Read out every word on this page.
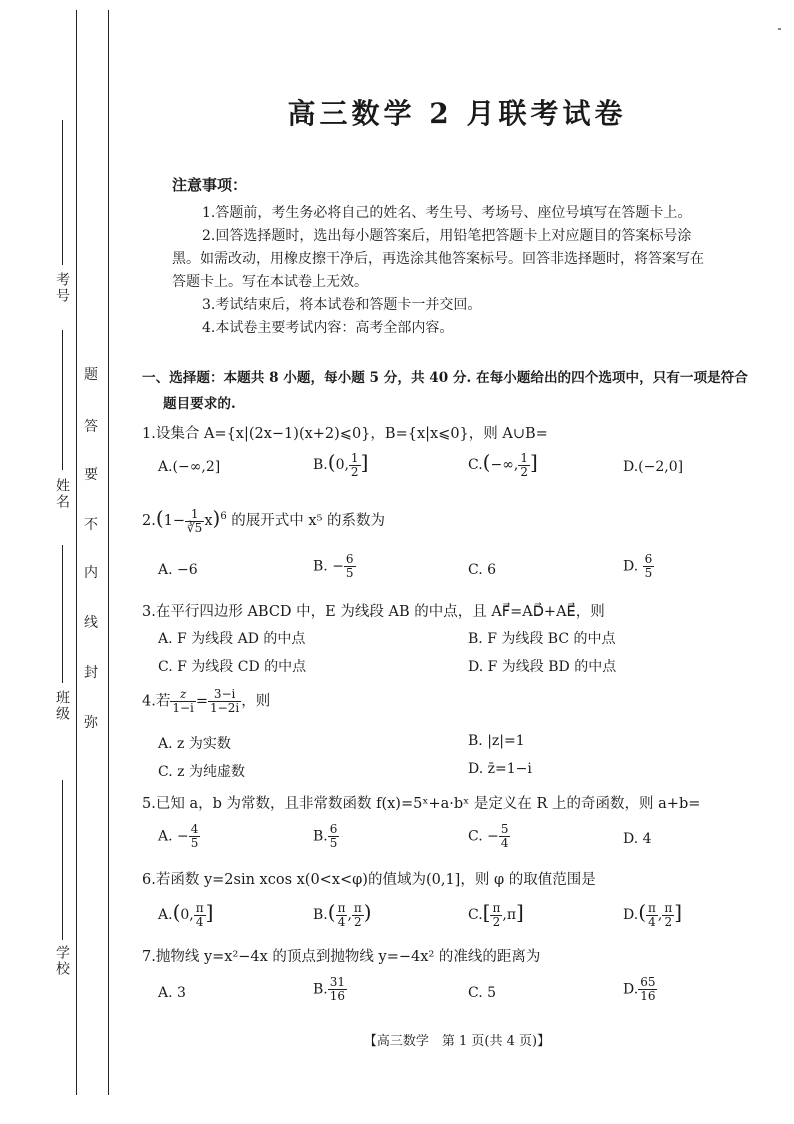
考号
姓名
班级
学校
题
答
要
不
内
线
封
弥
高三数学 2 月联考试卷
注意事项：
1.答题前，考生务必将自己的姓名、考生号、考场号、座位号填写在答题卡上。
2.回答选择题时，选出每小题答案后，用铅笔把答题卡上对应题目的答案标号涂
黑。如需改动，用橡皮擦干净后，再选涂其他答案标号。回答非选择题时，将答案写在
答题卡上。写在本试卷上无效。
3.考试结束后，将本试卷和答题卡一并交回。
4.本试卷主要考试内容：高考全部内容。
一、选择题：本题共 8 小题，每小题 5 分，共 40 分. 在每小题给出的四个选项中，只有一项是符合
题目要求的.
1.设集合 A={x|(2x−1)(x+2)⩽0}，B={x|x⩽0}，则 A∪B=
A.(−∞,2]	B.(0, $\frac{1}{2}$ ]	C.(−∞, $\frac{1}{2}$ ]	D.(−2,0]
$2.(1- \frac{1}{∛5} x)^6$ 的展开式中 x⁵ 的系数为
A. −6	B. − $\frac{6}{5}$	C. 6	D. $\frac{6}{5}$
3.在平行四边形 ABCD 中，E 为线段 AB 的中点，且 AF⃗=AD⃗+AE⃗，则
A. F 为线段 AD 的中点	B. F 为线段 BC 的中点
C. F 为线段 CD 的中点	D. F 为线段 BD 的中点
4.若 $\frac{z}{1-i} = \frac{3-i}{1-2i}$ ，则
A. z 为实数	B. |z|=1
C. z 为纯虚数	D. z̄=1−i
5.已知 a，b 为常数，且非常数函数 f(x)=5ˣ+a·bˣ 是定义在 R 上的奇函数，则 a+b=
A. − $\frac{4}{5}$	B. $\frac{6}{5}$	C. − $\frac{5}{4}$	D. 4
6.若函数 y=2sin xcos x(0<x<φ)的值域为(0,1]，则 φ 的取值范围是
A.(0, $\frac{\pi}{4}$ ]	$B.( \frac{\pi}{4}$ , $\frac{\pi}{2}$ )	$C.[ \frac{\pi}{2} ,\pi]$	$D.( \frac{\pi}{4}$ , $\frac{\pi}{2}$ ]
7.抛物线 y=x²−4x 的顶点到抛物线 y=−4x² 的准线的距离为
A. 3	B. $\frac{31}{16}$	C. 5	D. $\frac{65}{16}$
【高三数学　第 1 页(共 4 页)】
